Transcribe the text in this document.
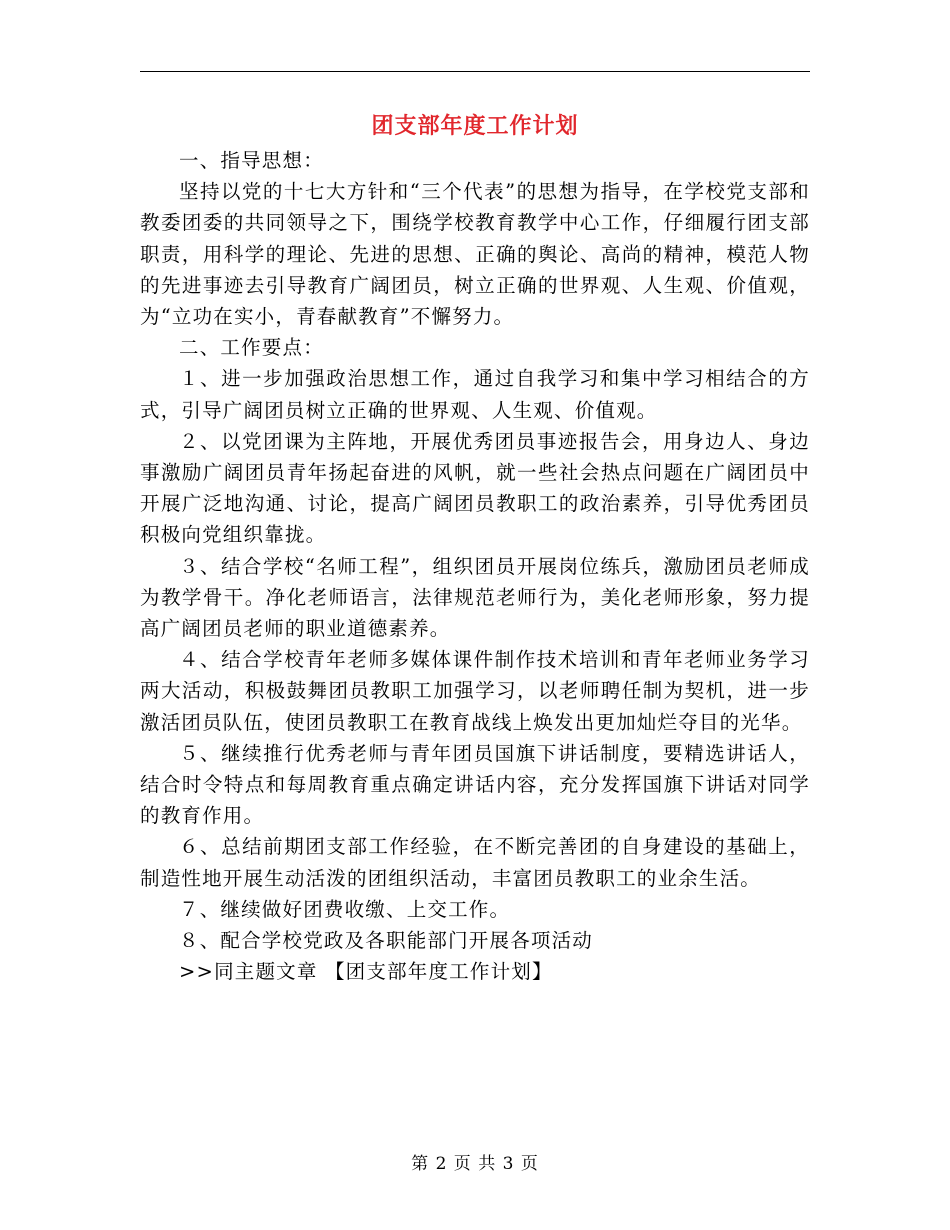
团支部年度工作计划

一、指导思想：

坚持以党的十七大方针和“三个代表”的思想为指导，在学校党支部和教委团委的共同领导之下，围绕学校教育教学中心工作，仔细履行团支部职责，用科学的理论、先进的思想、正确的舆论、高尚的精神，模范人物的先进事迹去引导教育广阔团员，树立正确的世界观、人生观、价值观，为“立功在实小，青春献教育”不懈努力。

二、工作要点：

１、进一步加强政治思想工作，通过自我学习和集中学习相结合的方式，引导广阔团员树立正确的世界观、人生观、价值观。

２、以党团课为主阵地，开展优秀团员事迹报告会，用身边人、身边事激励广阔团员青年扬起奋进的风帆，就一些社会热点问题在广阔团员中开展广泛地沟通、讨论，提高广阔团员教职工的政治素养，引导优秀团员积极向党组织靠拢。

３、结合学校“名师工程”，组织团员开展岗位练兵，激励团员老师成为教学骨干。净化老师语言，法律规范老师行为，美化老师形象，努力提高广阔团员老师的职业道德素养。

４、结合学校青年老师多媒体课件制作技术培训和青年老师业务学习两大活动，积极鼓舞团员教职工加强学习，以老师聘任制为契机，进一步激活团员队伍，使团员教职工在教育战线上焕发出更加灿烂夺目的光华。

５、继续推行优秀老师与青年团员国旗下讲话制度，要精选讲话人，结合时令特点和每周教育重点确定讲话内容，充分发挥国旗下讲话对同学的教育作用。

６、总结前期团支部工作经验，在不断完善团的自身建设的基础上，制造性地开展生动活泼的团组织活动，丰富团员教职工的业余生活。

７、继续做好团费收缴、上交工作。

８、配合学校党政及各职能部门开展各项活动

>>同主题文章 【团支部年度工作计划】

第 2 页 共 3 页
